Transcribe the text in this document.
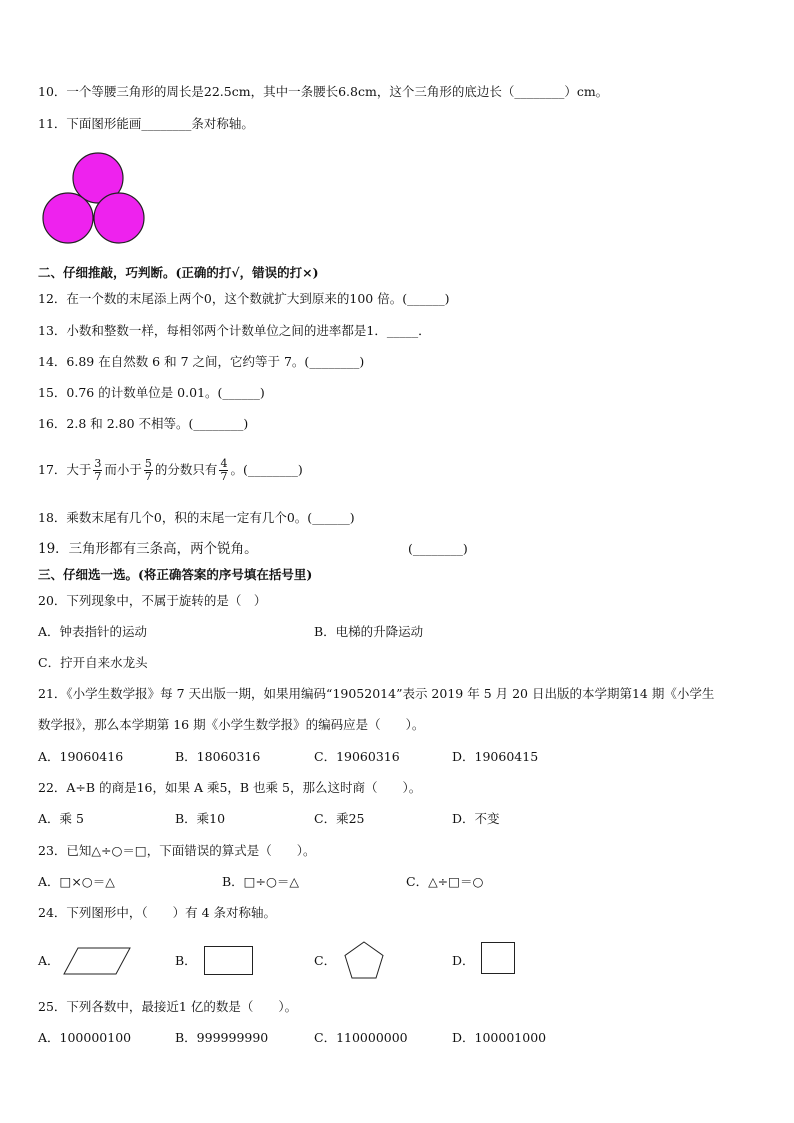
10．一个等腰三角形的周长是22.5cm，其中一条腰长6.8cm，这个三角形的底边长（________）cm。
11．下面图形能画________条对称轴。
二、仔细推敲，巧判断。(正确的打√，错误的打×)
12．在一个数的末尾添上两个0，这个数就扩大到原来的100 倍。(______)
13．小数和整数一样，每相邻两个计数单位之间的进率都是1．_____．
14．6.89 在自然数 6 和 7 之间，它约等于 7。(________)
15．0.76 的计数单位是 0.01。(______)
16．2.8 和 2.80 不相等。(________)
17．大于 $\frac{3}{7}$ 而小于 $\frac{5}{7}$ 的分数只有 $\frac{4}{7}$ 。(________)
18．乘数末尾有几个0，积的末尾一定有几个0。(______)
19．三角形都有三条高，两个锐角。	(________)
三、仔细选一选。(将正确答案的序号填在括号里)
20．下列现象中，不属于旋转的是（　）
A．钟表指针的运动	B．电梯的升降运动
C．拧开自来水龙头
21．《小学生数学报》每 7 天出版一期，如果用编码“19052014”表示 2019 年 5 月 20 日出版的本学期第14 期《小学生
数学报》，那么本学期第 16 期《小学生数学报》的编码应是（　　）。
A．19060416	B．18060316	C．19060316	D．19060415
22．A÷B 的商是16，如果 A 乘5，B 也乘 5，那么这时商（　　）。
A．乘 5	B．乘10	C．乘25	D．不变
23．已知△÷○＝□，下面错误的算式是（　　）。
A．□×○＝△	B．□÷○＝△	C．△÷□＝○
24．下列图形中，（　　）有 4 条对称轴。
A．	B．	C．	D．
25．下列各数中，最接近1 亿的数是（　　）。
A．100000100	B．999999990	C．110000000	D．100001000
